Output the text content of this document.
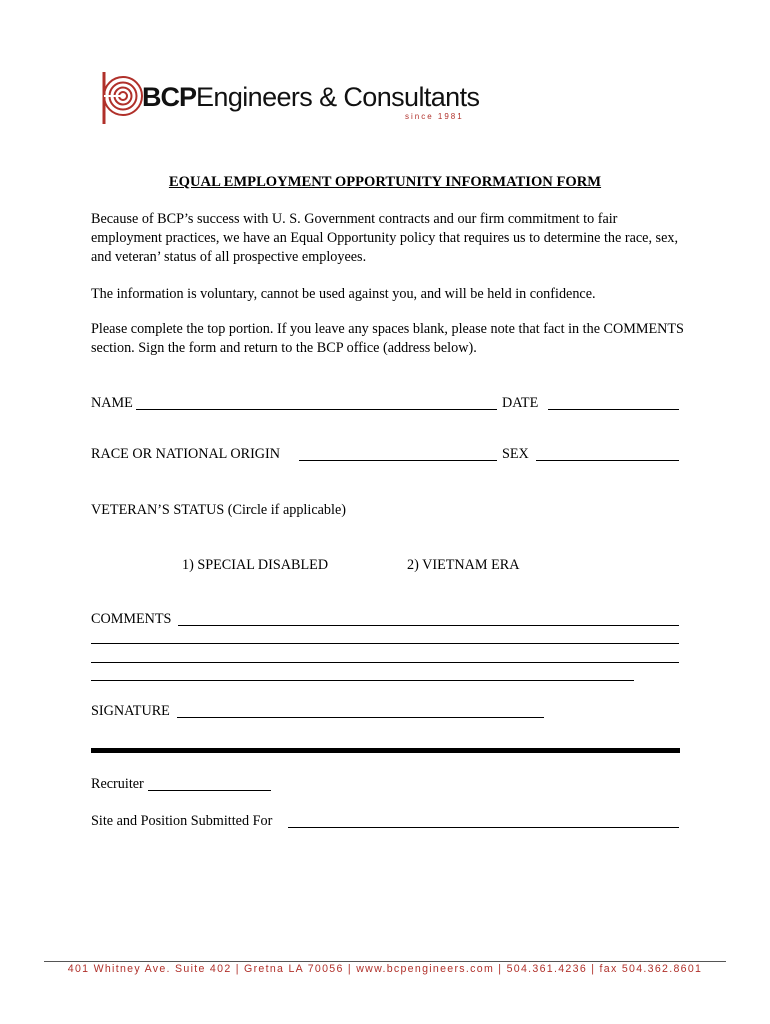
BCPEngineers & Consultants
since 1981
EQUAL EMPLOYMENT OPPORTUNITY INFORMATION FORM
Because of BCP’s success with U. S. Government contracts and our firm commitment to fair employment practices, we have an Equal Opportunity policy that requires us to determine the race, sex, and veteran’ status of all prospective employees.
The information is voluntary, cannot be used against you, and will be held in confidence.
Please complete the top portion. If you leave any spaces blank, please note that fact in the COMMENTS section. Sign the form and return to the BCP office (address below).
NAME	DATE
RACE OR NATIONAL ORIGIN	SEX
VETERAN’S STATUS (Circle if applicable)
1) SPECIAL DISABLED	2) VIETNAM ERA
COMMENTS
SIGNATURE
Recruiter
Site and Position Submitted For
401 Whitney Ave. Suite 402 | Gretna LA 70056 | www.bcpengineers.com | 504.361.4236 | fax 504.362.8601
